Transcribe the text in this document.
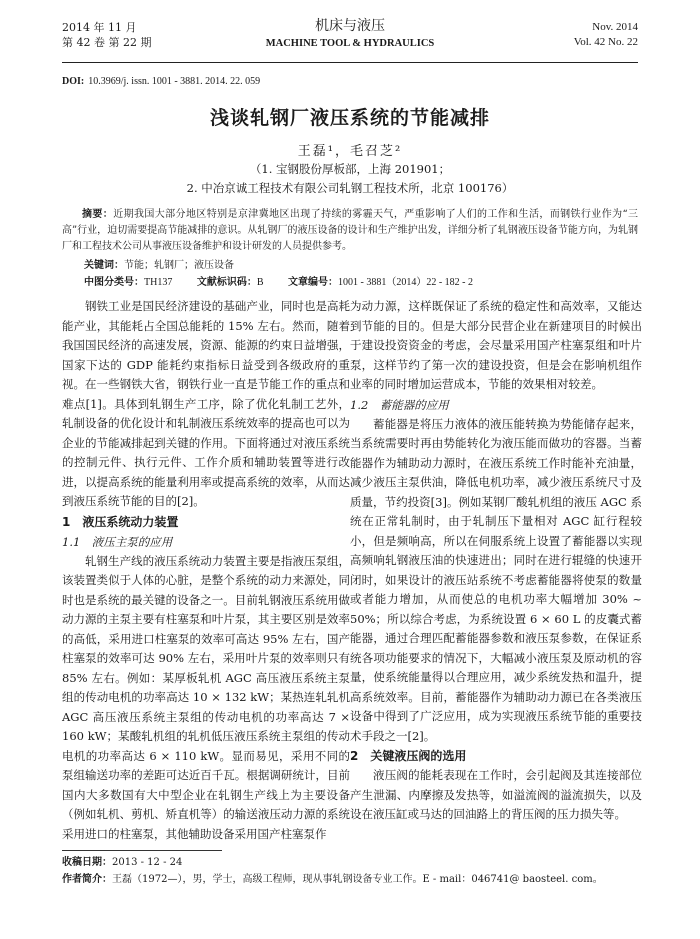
2014 年 11 月
第 42 卷 第 22 期
机床与液压
MACHINE TOOL & HYDRAULICS
Nov. 2014
Vol. 42 No. 22
DOI: 10.3969/j. issn. 1001 - 3881. 2014. 22. 059
浅谈轧钢厂液压系统的节能减排
王磊¹，毛召芝²
（1. 宝钢股份厚板部，上海 201901；
2. 中冶京诚工程技术有限公司轧钢工程技术所，北京 100176）
摘要：近期我国大部分地区特别是京津冀地区出现了持续的雾霾天气，严重影响了人们的工作和生活，而钢铁行业作为“三高”行业，迫切需要提高节能减排的意识。从轧钢厂的液压设备的设计和生产维护出发，详细分析了轧钢液压设备节能方向，为轧钢厂和工程技术公司从事液压设备维护和设计研发的人员提供参考。
关键词：节能；轧钢厂；液压设备
中图分类号：TH137 文献标识码：B 文章编号：1001 - 3881（2014）22 - 182 - 2

钢铁工业是国民经济建设的基础产业，同时也是高耗能产业，其能耗占全国总能耗的 15% 左右。然而，随着我国国民经济的高速发展，资源、能源的约束日益增强，国家下达的 GDP 能耗约束指标日益受到各级政府的重视。在一些钢铁大省，钢铁行业一直是节能工作的重点和难点[1]。具体到轧钢生产工序，除了优化轧制工艺外，轧制设备的优化设计和轧制液压系统效率的提高也可以为企业的节能减排起到关键的作用。下面将通过对液压系统的控制元件、执行元件、工作介质和辅助装置等进行改进，以提高系统的能量利用率或提高系统的效率，从而达到液压系统节能的目的[2]。

1　液压系统动力装置
1.1　液压主泵的应用

轧钢生产线的液压系统动力装置主要是指液压泵组，该装置类似于人体的心脏，是整个系统的动力来源处，同时也是系统的最关键的设备之一。目前轧钢液压系统用做动力源的主泵主要有柱塞泵和叶片泵，其主要区别是效率的高低，采用进口柱塞泵的效率可高达 95% 左右，国产柱塞泵的效率可达 90% 左右，采用叶片泵的效率则只有 85% 左右。例如：某厚板轧机 AGC 高压液压系统主泵组的传动电机的功率高达 10 × 132 kW；某热连轧轧机 AGC 高压液压系统主泵组的传动电机的功率高达 7 × 160 kW；某酸轧机组的轧机低压液压系统主泵组的传动电机的功率高达 6 × 110 kW。显而易见，采用不同的泵组输送功率的差距可达近百千瓦。根据调研统计，目前国内大多数国有大中型企业在轧钢生产线上为主要设备（例如轧机、剪机、矫直机等）的输送液压动力源的系统采用进口的柱塞泵，其他辅助设备采用国产柱塞泵作

为动力源，这样既保证了系统的稳定性和高效率，又能达到节能的目的。但是大部分民营企业在新建项目的时候出于建设投资资金的考虑，会尽量采用国产柱塞泵组和叶片泵，这样节约了第一次的建设投资，但是会在影响机组作业率的同时增加运营成本，节能的效果相对较差。

1.2　蓄能器的应用

蓄能器是将压力液体的液压能转换为势能储存起来，当系统需要时再由势能转化为液压能而做功的容器。当蓄能器作为辅助动力源时，在液压系统工作时能补充油量，减少液压主泵供油，降低电机功率，减少液压系统尺寸及质量，节约投资[3]。例如某钢厂酸轧机组的液压 AGC 系统在正常轧制时，由于轧制压下量相对 AGC 缸行程较小，但是频响高，所以在伺服系统上设置了蓄能器以实现高频响轧钢液压油的快速进出；同时在进行辊缝的快速开闭时，如果设计的液压站系统不考虑蓄能器将使泵的数量或者能力增加，从而使总的电机功率大幅增加 30% ~ 50%；所以综合考虑，为系统设置 6 × 60 L 的皮囊式蓄能器，通过合理匹配蓄能器参数和液压泵参数，在保证系统各项功能要求的情况下，大幅减小液压泵及原动机的容量，使系统能量得以合理应用，减少系统发热和温升，提高系统效率。目前，蓄能器作为辅助动力源已在各类液压设备中得到了广泛应用，成为实现液压系统节能的重要技术手段之一[2]。

2　关键液压阀的选用

液压阀的能耗表现在工作时，会引起阀及其连接部位产生泄漏、内摩擦及发热等，如溢流阀的溢流损失，以及设在液压缸或马达的回油路上的背压阀的压力损失等。

收稿日期：2013 - 12 - 24
作者简介：王磊（1972—），男，学士，高级工程师，现从事轧钢设备专业工作。E - mail：046741@ baosteel. com。
